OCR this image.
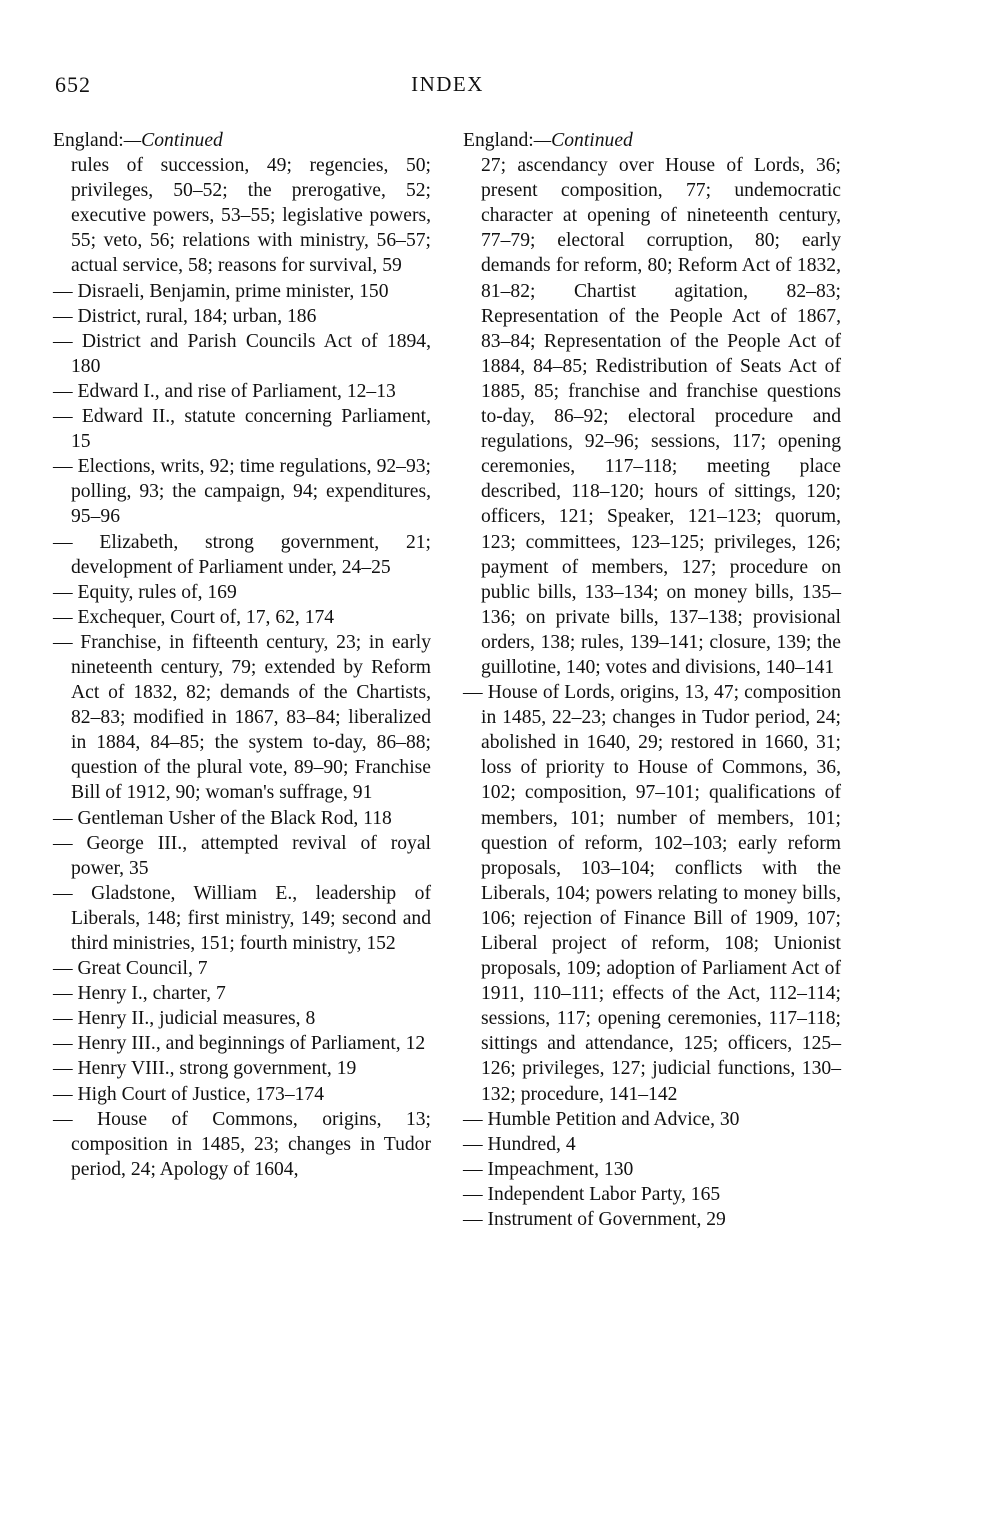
652	INDEX

England:—Continued

rules of succession, 49; regencies, 50; privileges, 50–52; the prerogative, 52; executive powers, 53–55; legislative powers, 55; veto, 56; relations with ministry, 56–57; actual service, 58; reasons for survival, 59

— Disraeli, Benjamin, prime minister, 150

— District, rural, 184; urban, 186

— District and Parish Councils Act of 1894, 180

— Edward I., and rise of Parliament, 12–13

— Edward II., statute concerning Parliament, 15

— Elections, writs, 92; time regulations, 92–93; polling, 93; the campaign, 94; expenditures, 95–96

— Elizabeth, strong government, 21; development of Parliament under, 24–25

— Equity, rules of, 169

— Exchequer, Court of, 17, 62, 174

— Franchise, in fifteenth century, 23; in early nineteenth century, 79; extended by Reform Act of 1832, 82; demands of the Chartists, 82–83; modified in 1867, 83–84; liberalized in 1884, 84–85; the system to-day, 86–88; question of the plural vote, 89–90; Franchise Bill of 1912, 90; woman's suffrage, 91

— Gentleman Usher of the Black Rod, 118

— George III., attempted revival of royal power, 35

— Gladstone, William E., leadership of Liberals, 148; first ministry, 149; second and third ministries, 151; fourth ministry, 152

— Great Council, 7

— Henry I., charter, 7

— Henry II., judicial measures, 8

— Henry III., and beginnings of Parliament, 12

— Henry VIII., strong government, 19

— High Court of Justice, 173–174

— House of Commons, origins, 13; composition in 1485, 23; changes in Tudor period, 24; Apology of 1604,

England:—Continued

27; ascendancy over House of Lords, 36; present composition, 77; undemocratic character at opening of nineteenth century, 77–79; electoral corruption, 80; early demands for reform, 80; Reform Act of 1832, 81–82; Chartist agitation, 82–83; Representation of the People Act of 1867, 83–84; Representation of the People Act of 1884, 84–85; Redistribution of Seats Act of 1885, 85; franchise and franchise questions to-day, 86–92; electoral procedure and regulations, 92–96; sessions, 117; opening ceremonies, 117–118; meeting place described, 118–120; hours of sittings, 120; officers, 121; Speaker, 121–123; quorum, 123; committees, 123–125; privileges, 126; payment of members, 127; procedure on public bills, 133–134; on money bills, 135–136; on private bills, 137–138; provisional orders, 138; rules, 139–141; closure, 139; the guillotine, 140; votes and divisions, 140–141

— House of Lords, origins, 13, 47; composition in 1485, 22–23; changes in Tudor period, 24; abolished in 1640, 29; restored in 1660, 31; loss of priority to House of Commons, 36, 102; composition, 97–101; qualifications of members, 101; number of members, 101; question of reform, 102–103; early reform proposals, 103–104; conflicts with the Liberals, 104; powers relating to money bills, 106; rejection of Finance Bill of 1909, 107; Liberal project of reform, 108; Unionist proposals, 109; adoption of Parliament Act of 1911, 110–111; effects of the Act, 112–114; sessions, 117; opening ceremonies, 117–118; sittings and attendance, 125; officers, 125–126; privileges, 127; judicial functions, 130–132; procedure, 141–142

— Humble Petition and Advice, 30

— Hundred, 4

— Impeachment, 130

— Independent Labor Party, 165

— Instrument of Government, 29
